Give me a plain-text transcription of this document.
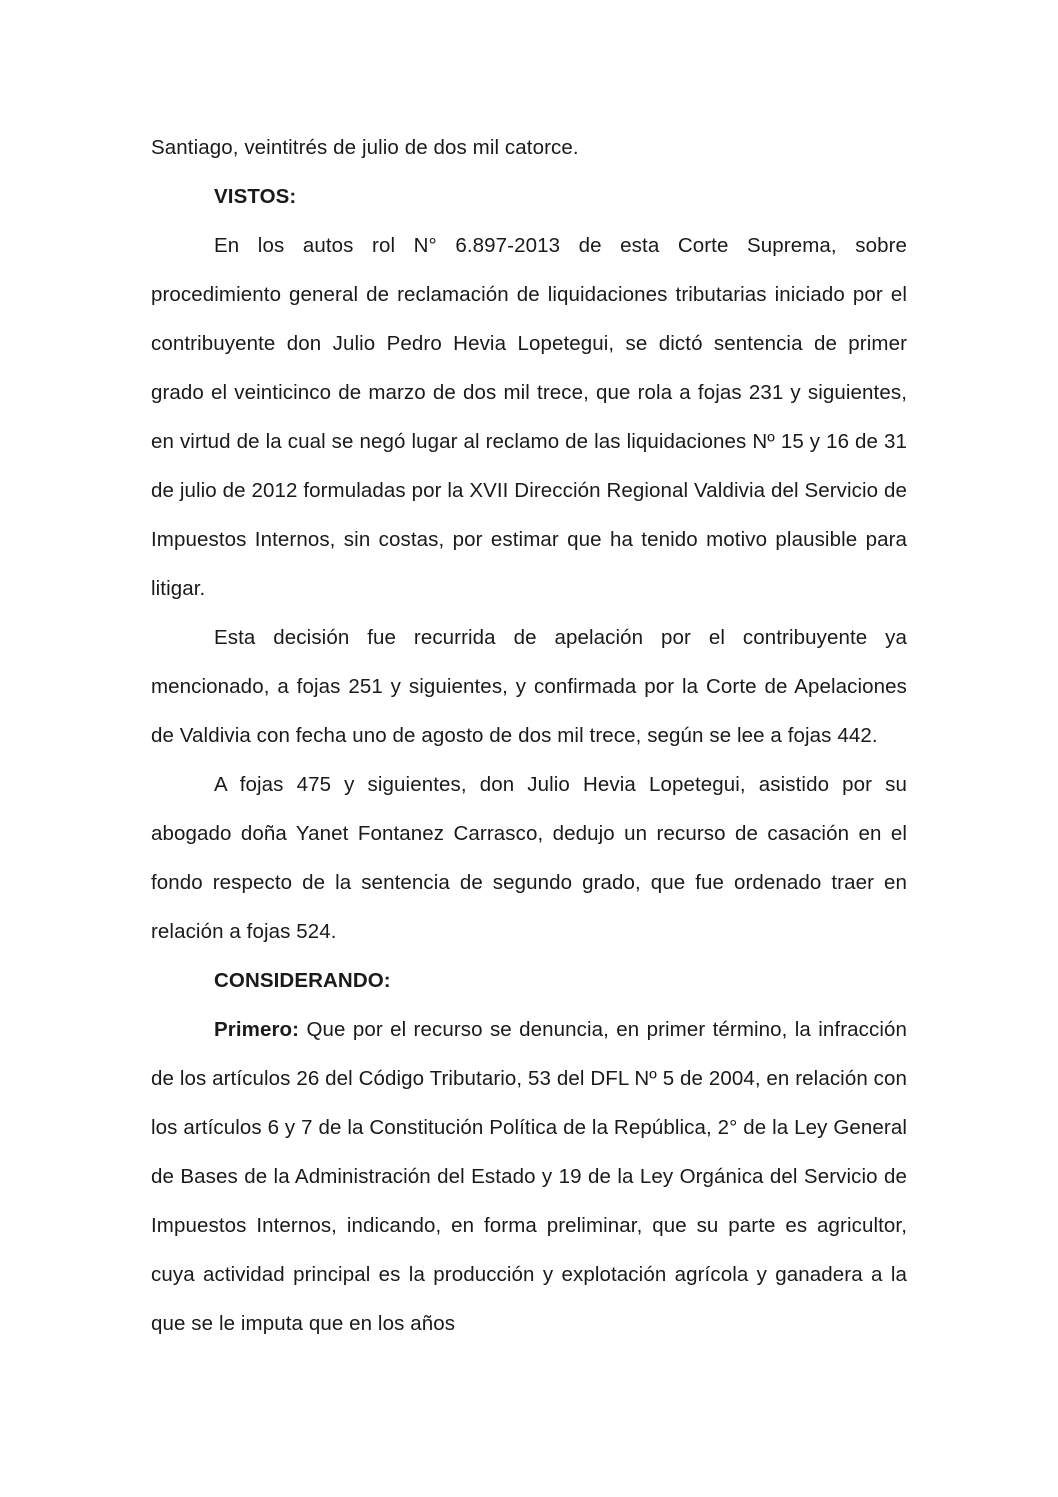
Santiago, veintitrés de julio de dos mil catorce.

VISTOS:

En los autos rol N° 6.897-2013 de esta Corte Suprema, sobre procedimiento general de reclamación de liquidaciones tributarias iniciado por el contribuyente don Julio Pedro Hevia Lopetegui, se dictó sentencia de primer grado el veinticinco de marzo de dos mil trece, que rola a fojas 231 y siguientes, en virtud de la cual se negó lugar al reclamo de las liquidaciones Nº 15 y 16 de 31 de julio de 2012 formuladas por la XVII Dirección Regional Valdivia del Servicio de Impuestos Internos, sin costas, por estimar que ha tenido motivo plausible para litigar.

Esta decisión fue recurrida de apelación por el contribuyente ya mencionado, a fojas 251 y siguientes, y confirmada por la Corte de Apelaciones de Valdivia con fecha uno de agosto de dos mil trece, según se lee a fojas 442.

A fojas 475 y siguientes, don Julio Hevia Lopetegui, asistido por su abogado doña Yanet Fontanez Carrasco, dedujo un recurso de casación en el fondo respecto de la sentencia de segundo grado, que fue ordenado traer en relación a fojas 524.

CONSIDERANDO:

Primero: Que por el recurso se denuncia, en primer término, la infracción de los artículos 26 del Código Tributario, 53 del DFL Nº 5 de 2004, en relación con los artículos 6 y 7 de la Constitución Política de la República, 2° de la Ley General de Bases de la Administración del Estado y 19 de la Ley Orgánica del Servicio de Impuestos Internos, indicando, en forma preliminar, que su parte es agricultor, cuya actividad principal es la producción y explotación agrícola y ganadera a la que se le imputa que en los años
